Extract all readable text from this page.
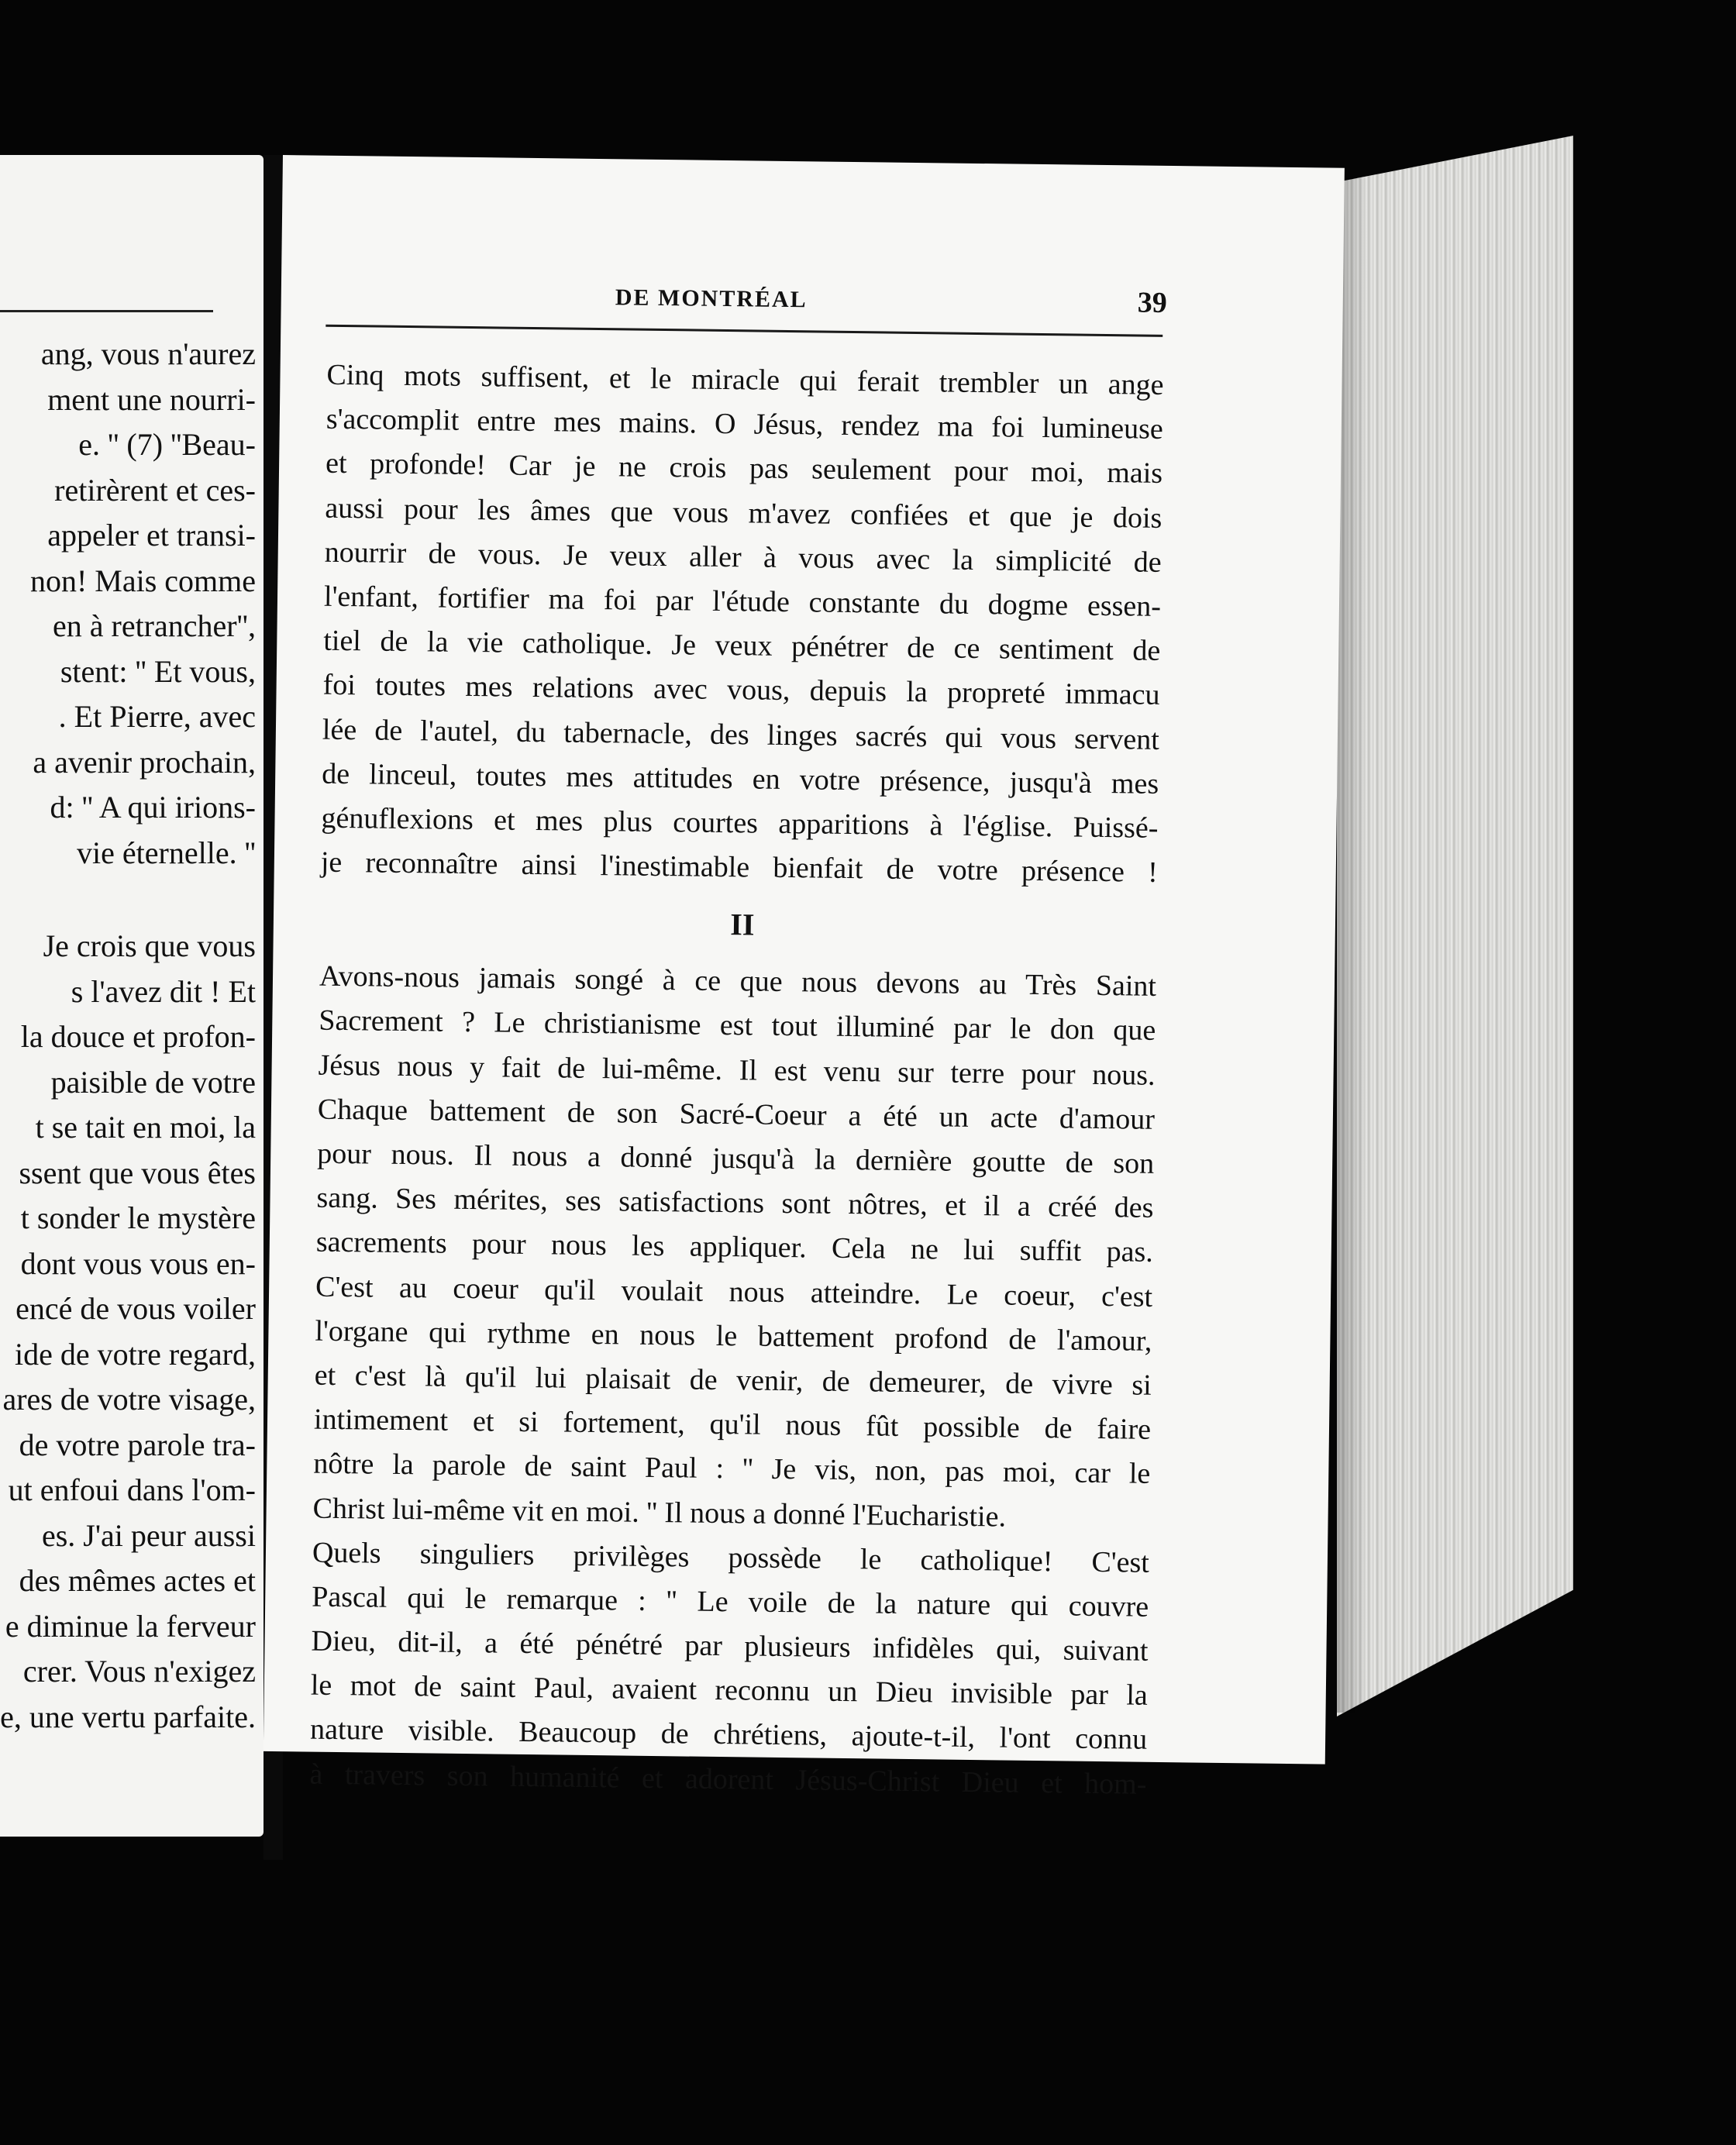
ang, vous n'aurez
ment une nourri-
e. '' (7) ''Beau-
retirèrent et ces-
appeler et transi-
non! Mais comme
en à retrancher'',
stent: '' Et vous,
. Et Pierre, avec
a avenir prochain,
d: '' A qui irions-
vie éternelle. ''
Je crois que vous
s l'avez dit ! Et
la douce et profon-
paisible de votre
t se tait en moi, la
ssent que vous êtes
t sonder le mystère
dont vous vous en-
encé de vous voiler
ide de votre regard,
ares de votre visage,
de votre parole tra-
ut enfoui dans l'om-
es. J'ai peur aussi
des mêmes actes et
e diminue la ferveur
crer. Vous n'exigez
e, une vertu parfaite.
DE MONTRÉAL	39
Cinq mots suffisent, et le miracle qui ferait trembler un ange
s'accomplit entre mes mains. O Jésus, rendez ma foi lumineuse
et profonde! Car je ne crois pas seulement pour moi, mais
aussi pour les âmes que vous m'avez confiées et que je dois
nourrir de vous. Je veux aller à vous avec la simplicité de
l'enfant, fortifier ma foi par l'étude constante du dogme essen-
tiel de la vie catholique. Je veux pénétrer de ce sentiment de
foi toutes mes relations avec vous, depuis la propreté immacu
lée de l'autel, du tabernacle, des linges sacrés qui vous servent
de linceul, toutes mes attitudes en votre présence, jusqu'à mes
génuflexions et mes plus courtes apparitions à l'église. Puissé-
je reconnaître ainsi l'inestimable bienfait de votre présence !
II
Avons-nous jamais songé à ce que nous devons au Très Saint
Sacrement ? Le christianisme est tout illuminé par le don que
Jésus nous y fait de lui-même. Il est venu sur terre pour nous.
Chaque battement de son Sacré-Coeur a été un acte d'amour
pour nous. Il nous a donné jusqu'à la dernière goutte de son
sang. Ses mérites, ses satisfactions sont nôtres, et il a créé des
sacrements pour nous les appliquer. Cela ne lui suffit pas.
C'est au coeur qu'il voulait nous atteindre. Le coeur, c'est
l'organe qui rythme en nous le battement profond de l'amour,
et c'est là qu'il lui plaisait de venir, de demeurer, de vivre si
intimement et si fortement, qu'il nous fût possible de faire
nôtre la parole de saint Paul : '' Je vis, non, pas moi, car le
Christ lui-même vit en moi. '' Il nous a donné l'Eucharistie.
Quels singuliers privilèges possède le catholique! C'est
Pascal qui le remarque : '' Le voile de la nature qui couvre
Dieu, dit-il, a été pénétré par plusieurs infidèles qui, suivant
le mot de saint Paul, avaient reconnu un Dieu invisible par la
nature visible. Beaucoup de chrétiens, ajoute-t-il, l'ont connu
à travers son humanité et adorent Jésus-Christ Dieu et hom-
